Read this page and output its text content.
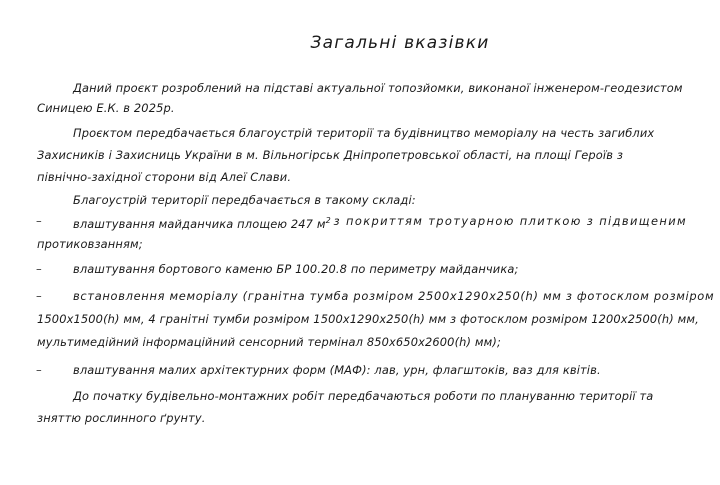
Загальні вказівки
Даний проєкт розроблений на підставі актуальної топозйомки, виконаної інженером-геодезистом
Синицею Е.К. в 2025р.
Проєктом передбачається благоустрій території та будівництво меморіалу на честь загиблих
Захисників і Захисниць України в м. Вільногірськ Дніпропетровської області, на площі Героїв з
північно-західної сторони від Алеї Слави.
Благоустрій території передбачається в такому складі:
–	влаштування майданчика площею 247 $м^2$ з покриттям тротуарною плиткою з підвищеним
протиковзанням;
–	влаштування бортового каменю БР 100.20.8 по периметру майданчика;
–	встановлення меморіалу (гранітна тумба розміром 2500x1290x250(h) мм з фотосклом розміром
1500x1500(h) мм, 4 гранітні тумби розміром 1500x1290x250(h) мм з фотосклом розміром 1200x2500(h) мм,
мультимедійний інформаційний сенсорний термінал 850x650x2600(h) мм);
–	влаштування малих архітектурних форм (МАФ): лав, урн, флагштоків, ваз для квітів.
До початку будівельно-монтажних робіт передбачаються роботи по плануванню території та
зняттю рослинного ґрунту.
